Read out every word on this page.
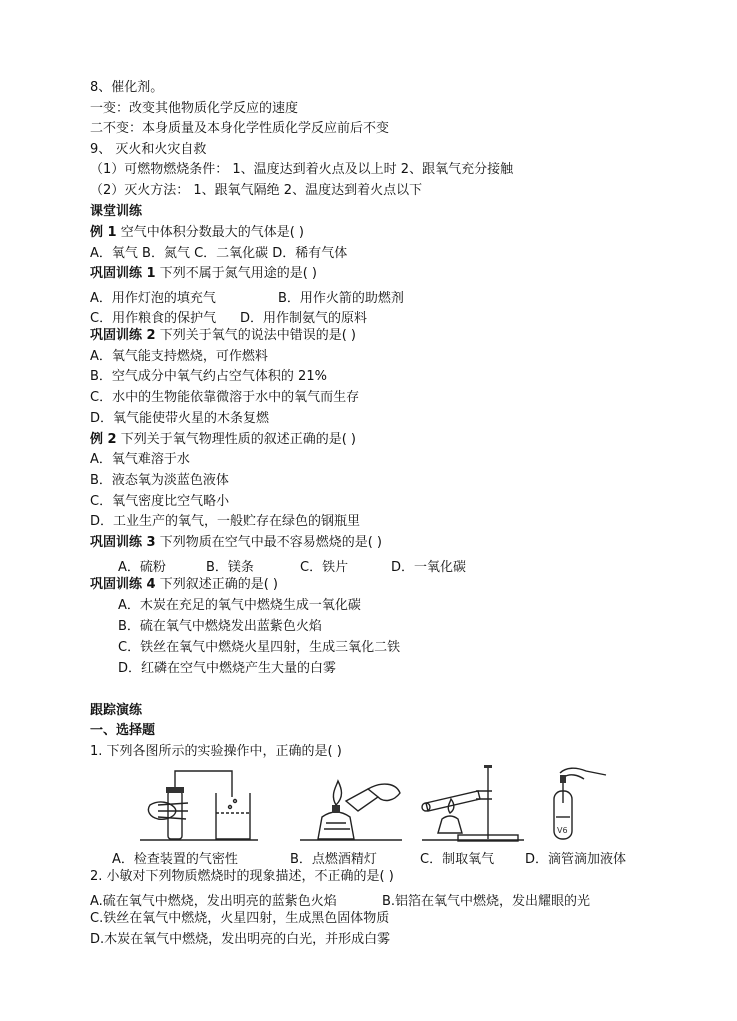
8、催化剂。
一变：改变其他物质化学反应的速度
二不变：本身质量及本身化学性质化学反应前后不变
9、 灭火和火灾自救
（1）可燃物燃烧条件： 1、温度达到着火点及以上时 2、跟氧气充分接触
（2）灭火方法： 1、跟氧气隔绝 2、温度达到着火点以下
课堂训练
例 1 空气中体积分数最大的气体是( )
A．氧气 B．氮气 C．二氧化碳 D．稀有气体
巩固训练 1 下列不属于氮气用途的是( )
A．用作灯泡的填充气	B．用作火箭的助燃剂
C．用作粮食的保护气 D．用作制氨气的原料
巩固训练 2 下列关于氧气的说法中错误的是( )
A．氧气能支持燃烧，可作燃料
B．空气成分中氧气约占空气体积的 21%
C．水中的生物能依靠微溶于水中的氧气而生存
D．氧气能使带火星的木条复燃
例 2 下列关于氧气物理性质的叙述正确的是( )
A．氧气难溶于水
B．液态氧为淡蓝色液体
C．氧气密度比空气略小
D．工业生产的氧气，一般贮存在绿色的钢瓶里
巩固训练 3 下列物质在空气中最不容易燃烧的是( )
A．硫粉	B．镁条	C．铁片	D．一氧化碳
巩固训练 4 下列叙述正确的是( )
A．木炭在充足的氧气中燃烧生成一氧化碳
B．硫在氧气中燃烧发出蓝紫色火焰
C．铁丝在氧气中燃烧火星四射，生成三氧化二铁
D．红磷在空气中燃烧产生大量的白雾
跟踪演练
一、选择题
1. 下列各图所示的实验操作中，正确的是( )
V6
A．检查装置的气密性	B．点燃酒精灯	C．制取氧气 D．滴管滴加液体
2. 小敏对下列物质燃烧时的现象描述，不正确的是( )
A.硫在氧气中燃烧，发出明亮的蓝紫色火焰	B.铝箔在氧气中燃烧，发出耀眼的光
C.铁丝在氧气中燃烧，火星四射，生成黑色固体物质
D.木炭在氧气中燃烧，发出明亮的白光，并形成白雾
